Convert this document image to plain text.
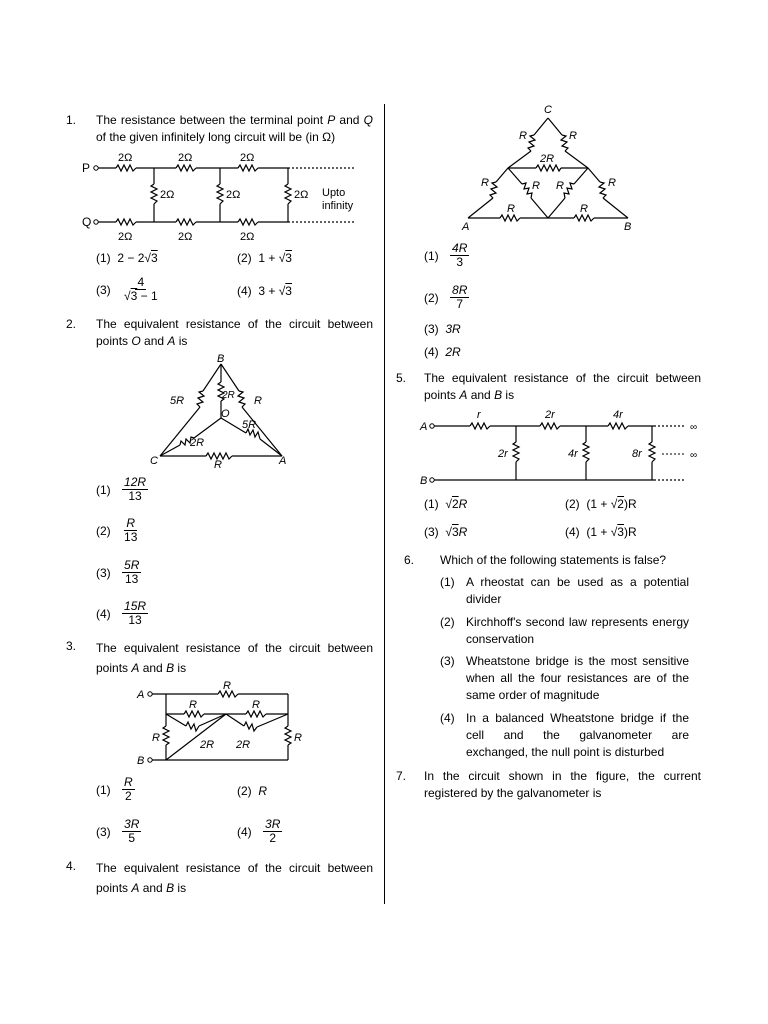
1. The resistance between the terminal point P and Q of the given infinitely long circuit will be (in Ω)
P
Q
2Ω	2Ω	2Ω
2Ω	2Ω	2Ω
2Ω	2Ω	2Ω Upto
infinity
(1) 2 − 2√3	(2) 1 + √3
$(3) \frac{4}{√3 - 1}$	(4) 3 + √3
2. The equivalent resistance of the circuit between points O and A is
B
C	A
O
5R	2R R
2R
5R
R
$(1) \frac{12R}{13}$
$(2) \frac{R}{13}$
$(3) \frac{5R}{13}$
$(4) \frac{15R}{13}$
3. The equivalent resistance of the circuit between points A and B is
A
B
R
R	R
R	R
2R 2R
$(1) \frac{R}{2}$	(2) R
$(3) \frac{3R}{5}$	$(4) \frac{3R}{2}$
4. The equivalent resistance of the circuit between points A and B is
C
A	B
R	R
2R
R	R
R R
R	R
$(1) \frac{4R}{3}$
$(2) \frac{8R}{7}$
(3) 3R
(4) 2R
5. The equivalent resistance of the circuit between points A and B is
A
B
r	2r	4r
2r	4r	8r
∞
∞
(1) √2R	(2) (1 + √2)R
(3) √3R	(4) (1 + √3)R
6. Which of the following statements is false?
(1) A rheostat can be used as a potential divider
(2) Kirchhoff's second law represents energy conservation
(3) Wheatstone bridge is the most sensitive when all the four resistances are of the same order of magnitude
(4) In a balanced Wheatstone bridge if the cell and the galvanometer are exchanged, the null point is disturbed
7. In the circuit shown in the figure, the current registered by the galvanometer is
